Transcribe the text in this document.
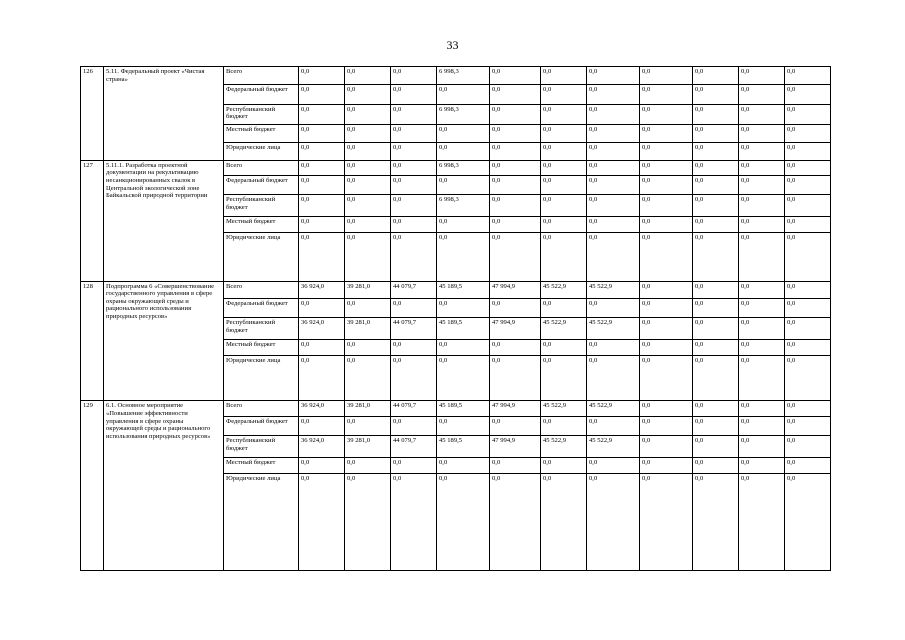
33
126	5.11. Федеральный проект «Чистая страна»	Всего	0,0	0,0	0,0	6 998,3	0,0	0,0	0,0	0,0	0,0	0,0	0,0
		Федеральный бюджет	0,0	0,0	0,0	0,0	0,0	0,0	0,0	0,0	0,0	0,0	0,0
		Республиканский бюджет	0,0	0,0	0,0	6 998,3	0,0	0,0	0,0	0,0	0,0	0,0	0,0
		Местный бюджет	0,0	0,0	0,0	0,0	0,0	0,0	0,0	0,0	0,0	0,0	0,0
		Юридические лица	0,0	0,0	0,0	0,0	0,0	0,0	0,0	0,0	0,0	0,0	0,0
127	5.11.1. Разработка проектной документации на рекультивацию несанкционированных свалок в Центральной экологической зоне Байкальской природной территории	Всего	0,0	0,0	0,0	6 998,3	0,0	0,0	0,0	0,0	0,0	0,0	0,0
		Федеральный бюджет	0,0	0,0	0,0	0,0	0,0	0,0	0,0	0,0	0,0	0,0	0,0
		Республиканский бюджет	0,0	0,0	0,0	6 998,3	0,0	0,0	0,0	0,0	0,0	0,0	0,0
		Местный бюджет	0,0	0,0	0,0	0,0	0,0	0,0	0,0	0,0	0,0	0,0	0,0
		Юридические лица	0,0	0,0	0,0	0,0	0,0	0,0	0,0	0,0	0,0	0,0	0,0
128	Подпрограмма 6 «Совершенствование государственного управления в сфере охраны окружающей среды и рационального использования природных ресурсов»	Всего	36 924,0	39 281,0	44 079,7	45 189,5	47 994,9	45 522,9	45 522,9	0,0	0,0	0,0	0,0
		Федеральный бюджет	0,0	0,0	0,0	0,0	0,0	0,0	0,0	0,0	0,0	0,0	0,0
		Республиканский бюджет	36 924,0	39 281,0	44 079,7	45 189,5	47 994,9	45 522,9	45 522,9	0,0	0,0	0,0	0,0
		Местный бюджет	0,0	0,0	0,0	0,0	0,0	0,0	0,0	0,0	0,0	0,0	0,0
		Юридические лица	0,0	0,0	0,0	0,0	0,0	0,0	0,0	0,0	0,0	0,0	0,0
129	6.1. Основное мероприятие «Повышение эффективности управления в сфере охраны окружающей среды и рационального использования природных ресурсов»	Всего	36 924,0	39 281,0	44 079,7	45 189,5	47 994,9	45 522,9	45 522,9	0,0	0,0	0,0	0,0
		Федеральный бюджет	0,0	0,0	0,0	0,0	0,0	0,0	0,0	0,0	0,0	0,0	0,0
		Республиканский бюджет	36 924,0	39 281,0	44 079,7	45 189,5	47 994,9	45 522,9	45 522,9	0,0	0,0	0,0	0,0
		Местный бюджет	0,0	0,0	0,0	0,0	0,0	0,0	0,0	0,0	0,0	0,0	0,0
		Юридические лица	0,0	0,0	0,0	0,0	0,0	0,0	0,0	0,0	0,0	0,0	0,0
